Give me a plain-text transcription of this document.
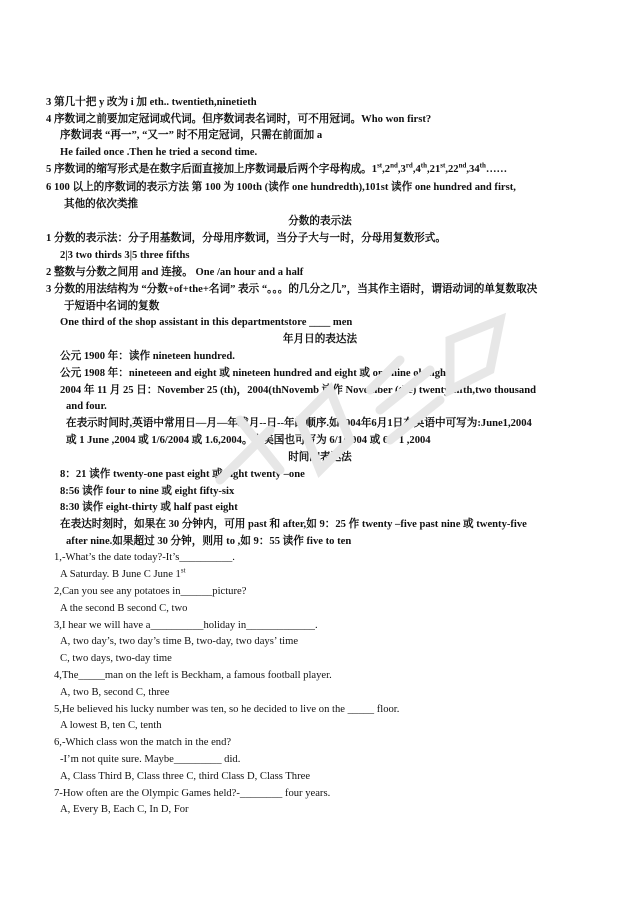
3 第几十把 y 改为 i 加 eth.. twentieth,ninetieth
4 序数词之前要加定冠词或代词。但序数词表名词时，可不用冠词。Who won first?
序数词表 “再一”, “又一” 时不用定冠词，只需在前面加 a
He failed once .Then he tried a second time.
5 序数词的缩写形式是在数字后面直接加上序数词最后两个字母构成。1st,2nd,3rd,4th,21st,22nd,34th……
6 100 以上的序数词的表示方法 第 100 为 100th (读作 one hundredth),101st 读作 one hundred and first,
其他的依次类推
分数的表示法
1 分数的表示法：分子用基数词，分母用序数词，当分子大与一时，分母用复数形式。
2|3 two thirds 3|5 three fifths
2 整数与分数之间用 and 连接。 One /an hour and a half
3 分数的用法结构为 “分数+of+the+名词” 表示 “。。。的几分之几”，当其作主语时，谓语动词的单复数取决
于短语中名词的复数
One third of the shop assistant in this departmentstore ____ men
年月日的表达法
公元 1900 年：读作 nineteen hundred.
公元 1908 年：nineteeen and eight 或 nineteen hundred and eight 或 one nine oh eight
2004 年 11 月 25 日：November 25 (th)，2004(thNovemb 读作 November (the) twenty-fifth,two thousand
and four.
在表示时间时,英语中常用日—月—年或月--日--年的顺序.如2004年6月1日在英语中可写为:June1,2004
或 1 June ,2004 或 1/6/2004 或 1.6,2004。在美国也可写为 6/1/2004 或 6．1 ,2004
时间的表达法
8：21 读作 twenty-one past eight 或 eight twenty –one
8:56 读作 four to nine 或 eight fifty-six
8:30 读作 eight-thirty 或 half past eight
在表达时刻时，如果在 30 分钟内，可用 past 和 after,如 9：25 作 twenty –five past nine 或 twenty-five
after nine.如果超过 30 分钟，则用 to ,如 9：55 读作 five to ten
1,-What’s the date today?-It’s__________.
A Saturday. B June C June 1st
2,Can you see any potatoes in______picture?
A the second B second C, two
3,I hear we will have a__________holiday in_____________.
A, two day’s, two day’s time B, two-day, two days’ time
C, two days, two-day time
4,The_____man on the left is Beckham, a famous football player.
A, two B, second C, three
5,He believed his lucky number was ten, so he decided to live on the _____ floor.
A lowest B, ten C, tenth
6,-Which class won the match in the end?
-I’m not quite sure. Maybe_________ did.
A, Class Third B, Class three C, third Class D, Class Three
7-How often are the Olympic Games held?-________ four years.
A, Every B, Each C, In D, For
